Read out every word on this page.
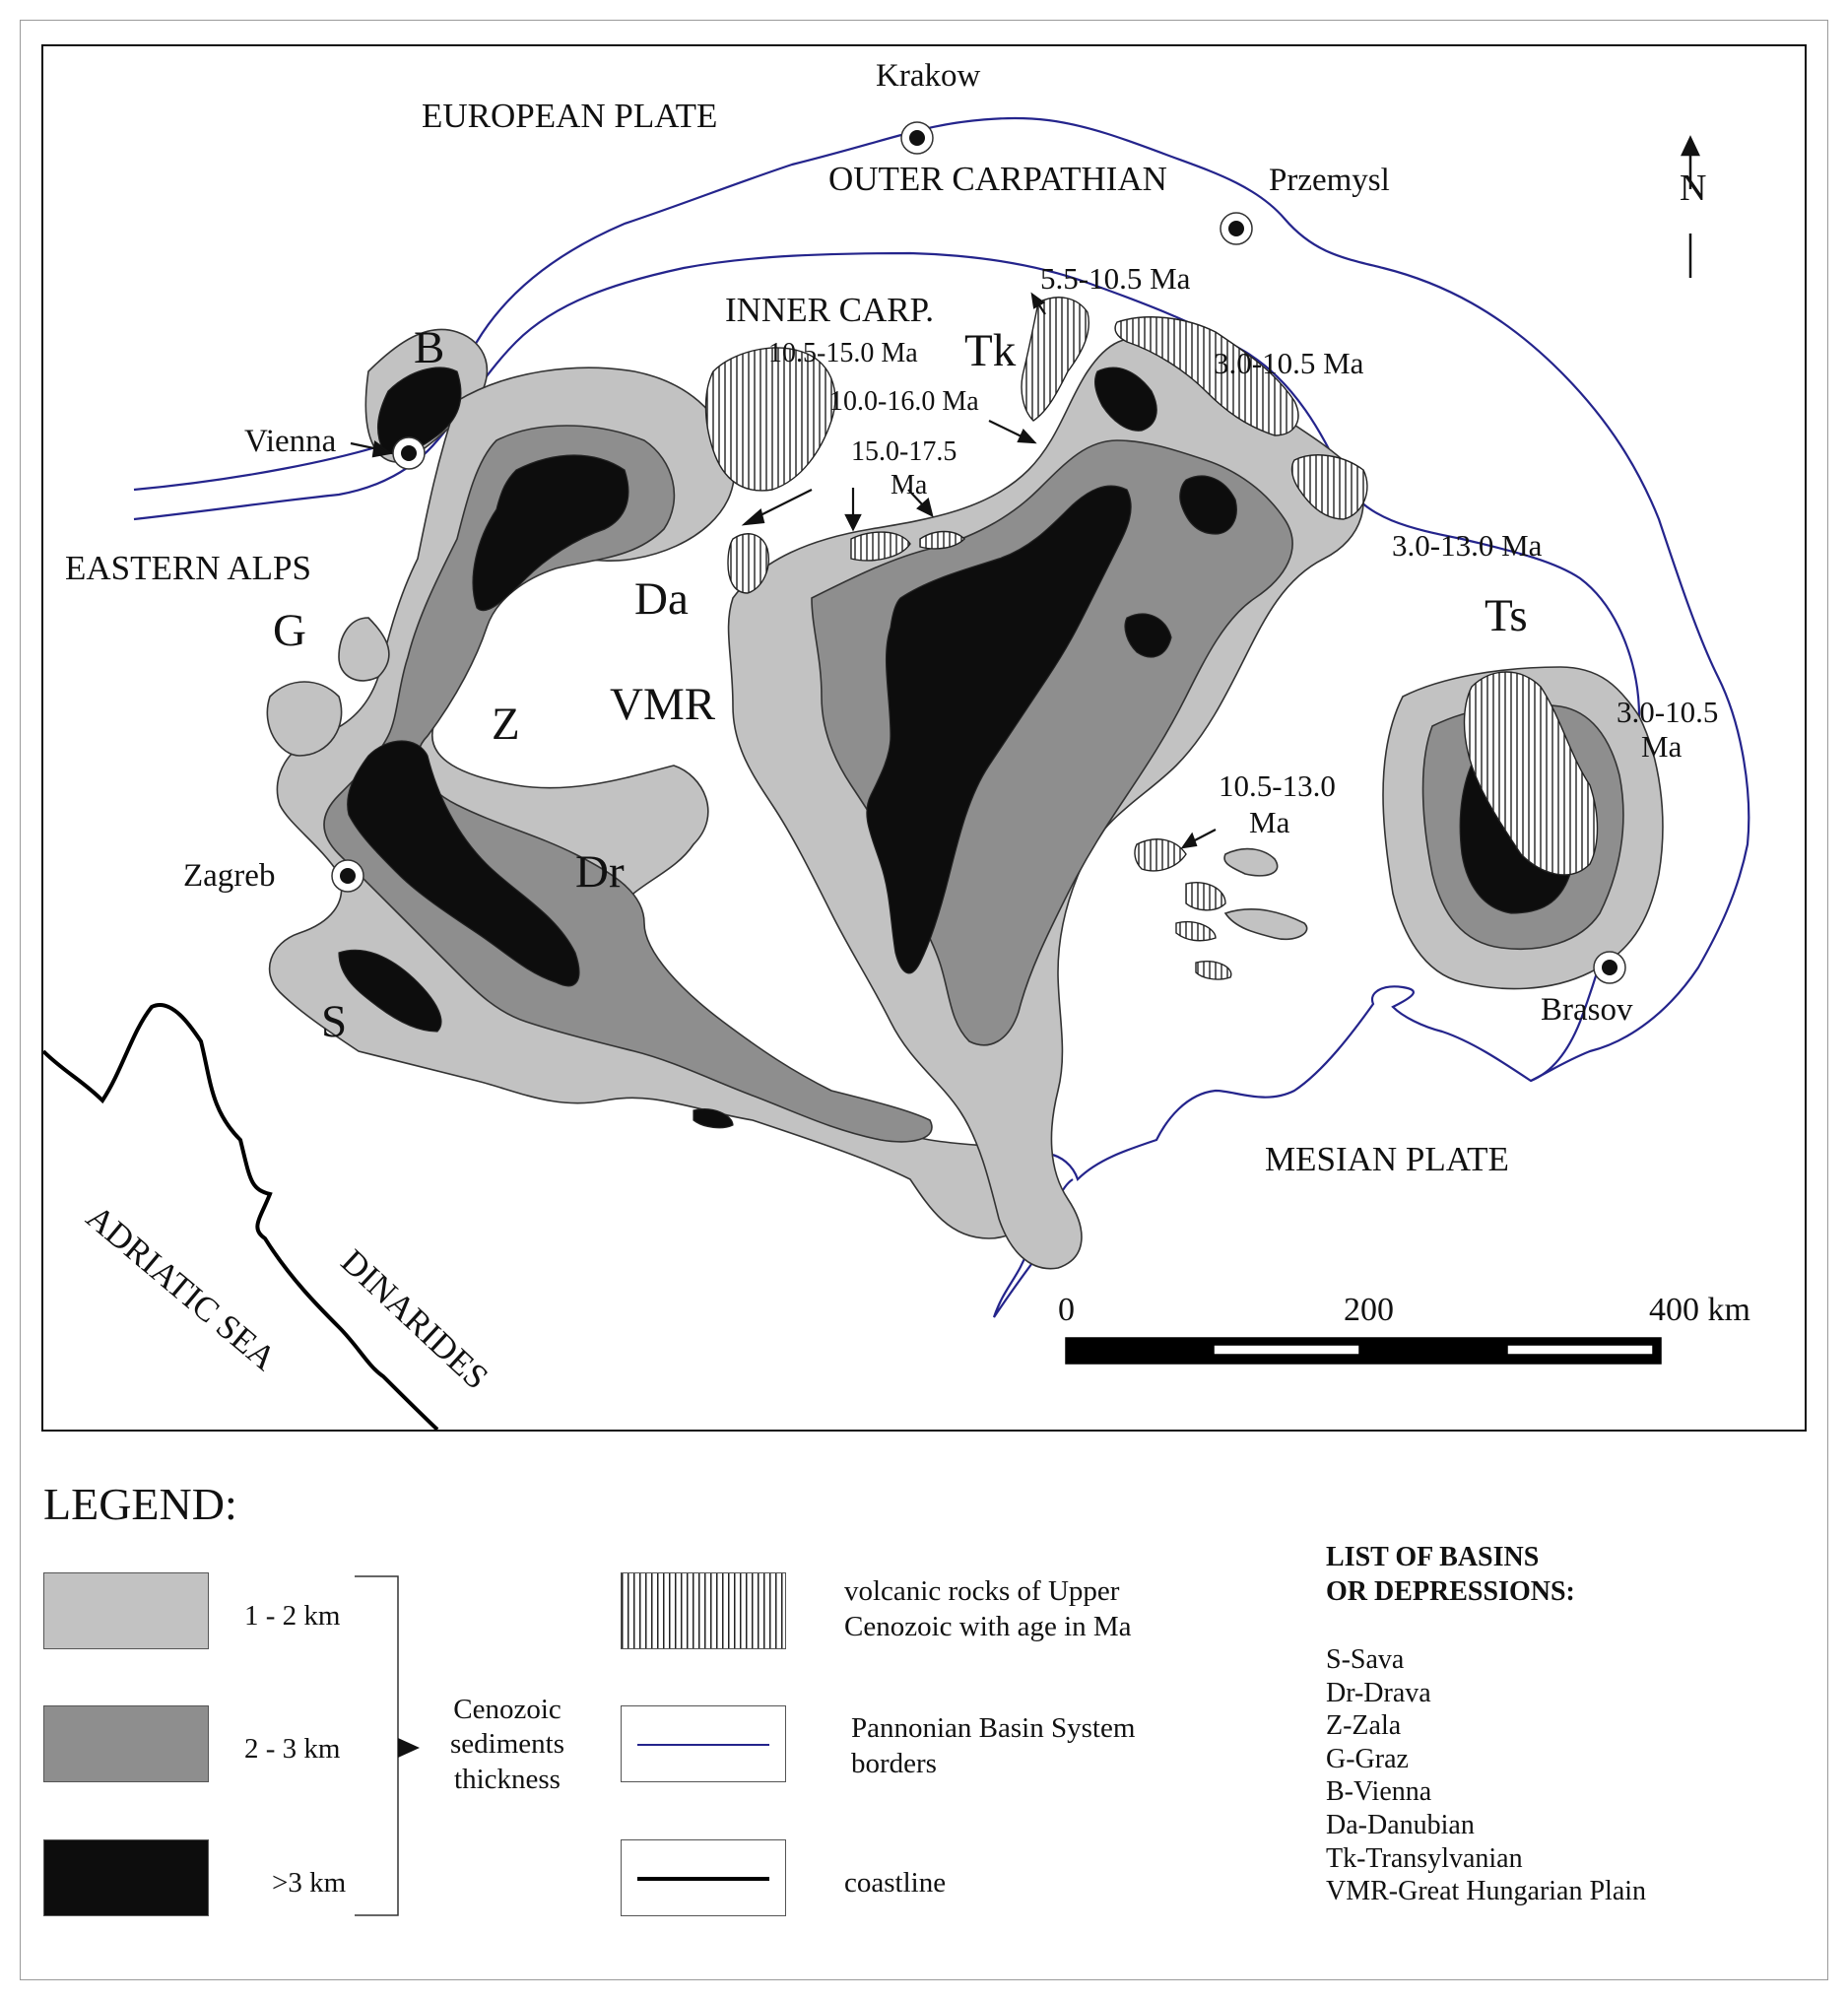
EUROPEAN PLATE
Krakow
OUTER CARPATHIAN	Przemysl	N
INNER CARP.
B
Vienna
EASTERN ALPS
G
Da
Z VMR
Dr
Zagreb
S
Tk
Ts
Brasov
MESIAN PLATE
DINARIDES
ADRIATIC SEA
5.5-10.5 Ma
10.5-15.0 Ma
10.0-16.0 Ma
15.0-17.5
Ma
3.0-10.5 Ma
3.0-13.0 Ma
3.0-10.5
Ma
10.5-13.0
Ma
0	200	400 km
LEGEND:
1 - 2 km
2 - 3 km
>3 km
Cenozoic
sediments
thickness
volcanic rocks of Upper
Cenozoic with age in Ma
Pannonian Basin System
borders
coastline
LIST OF BASINS
OR DEPRESSIONS:
S-Sava
Dr-Drava
Z-Zala
G-Graz
B-Vienna
Da-Danubian
Tk-Transylvanian
VMR-Great Hungarian Plain
